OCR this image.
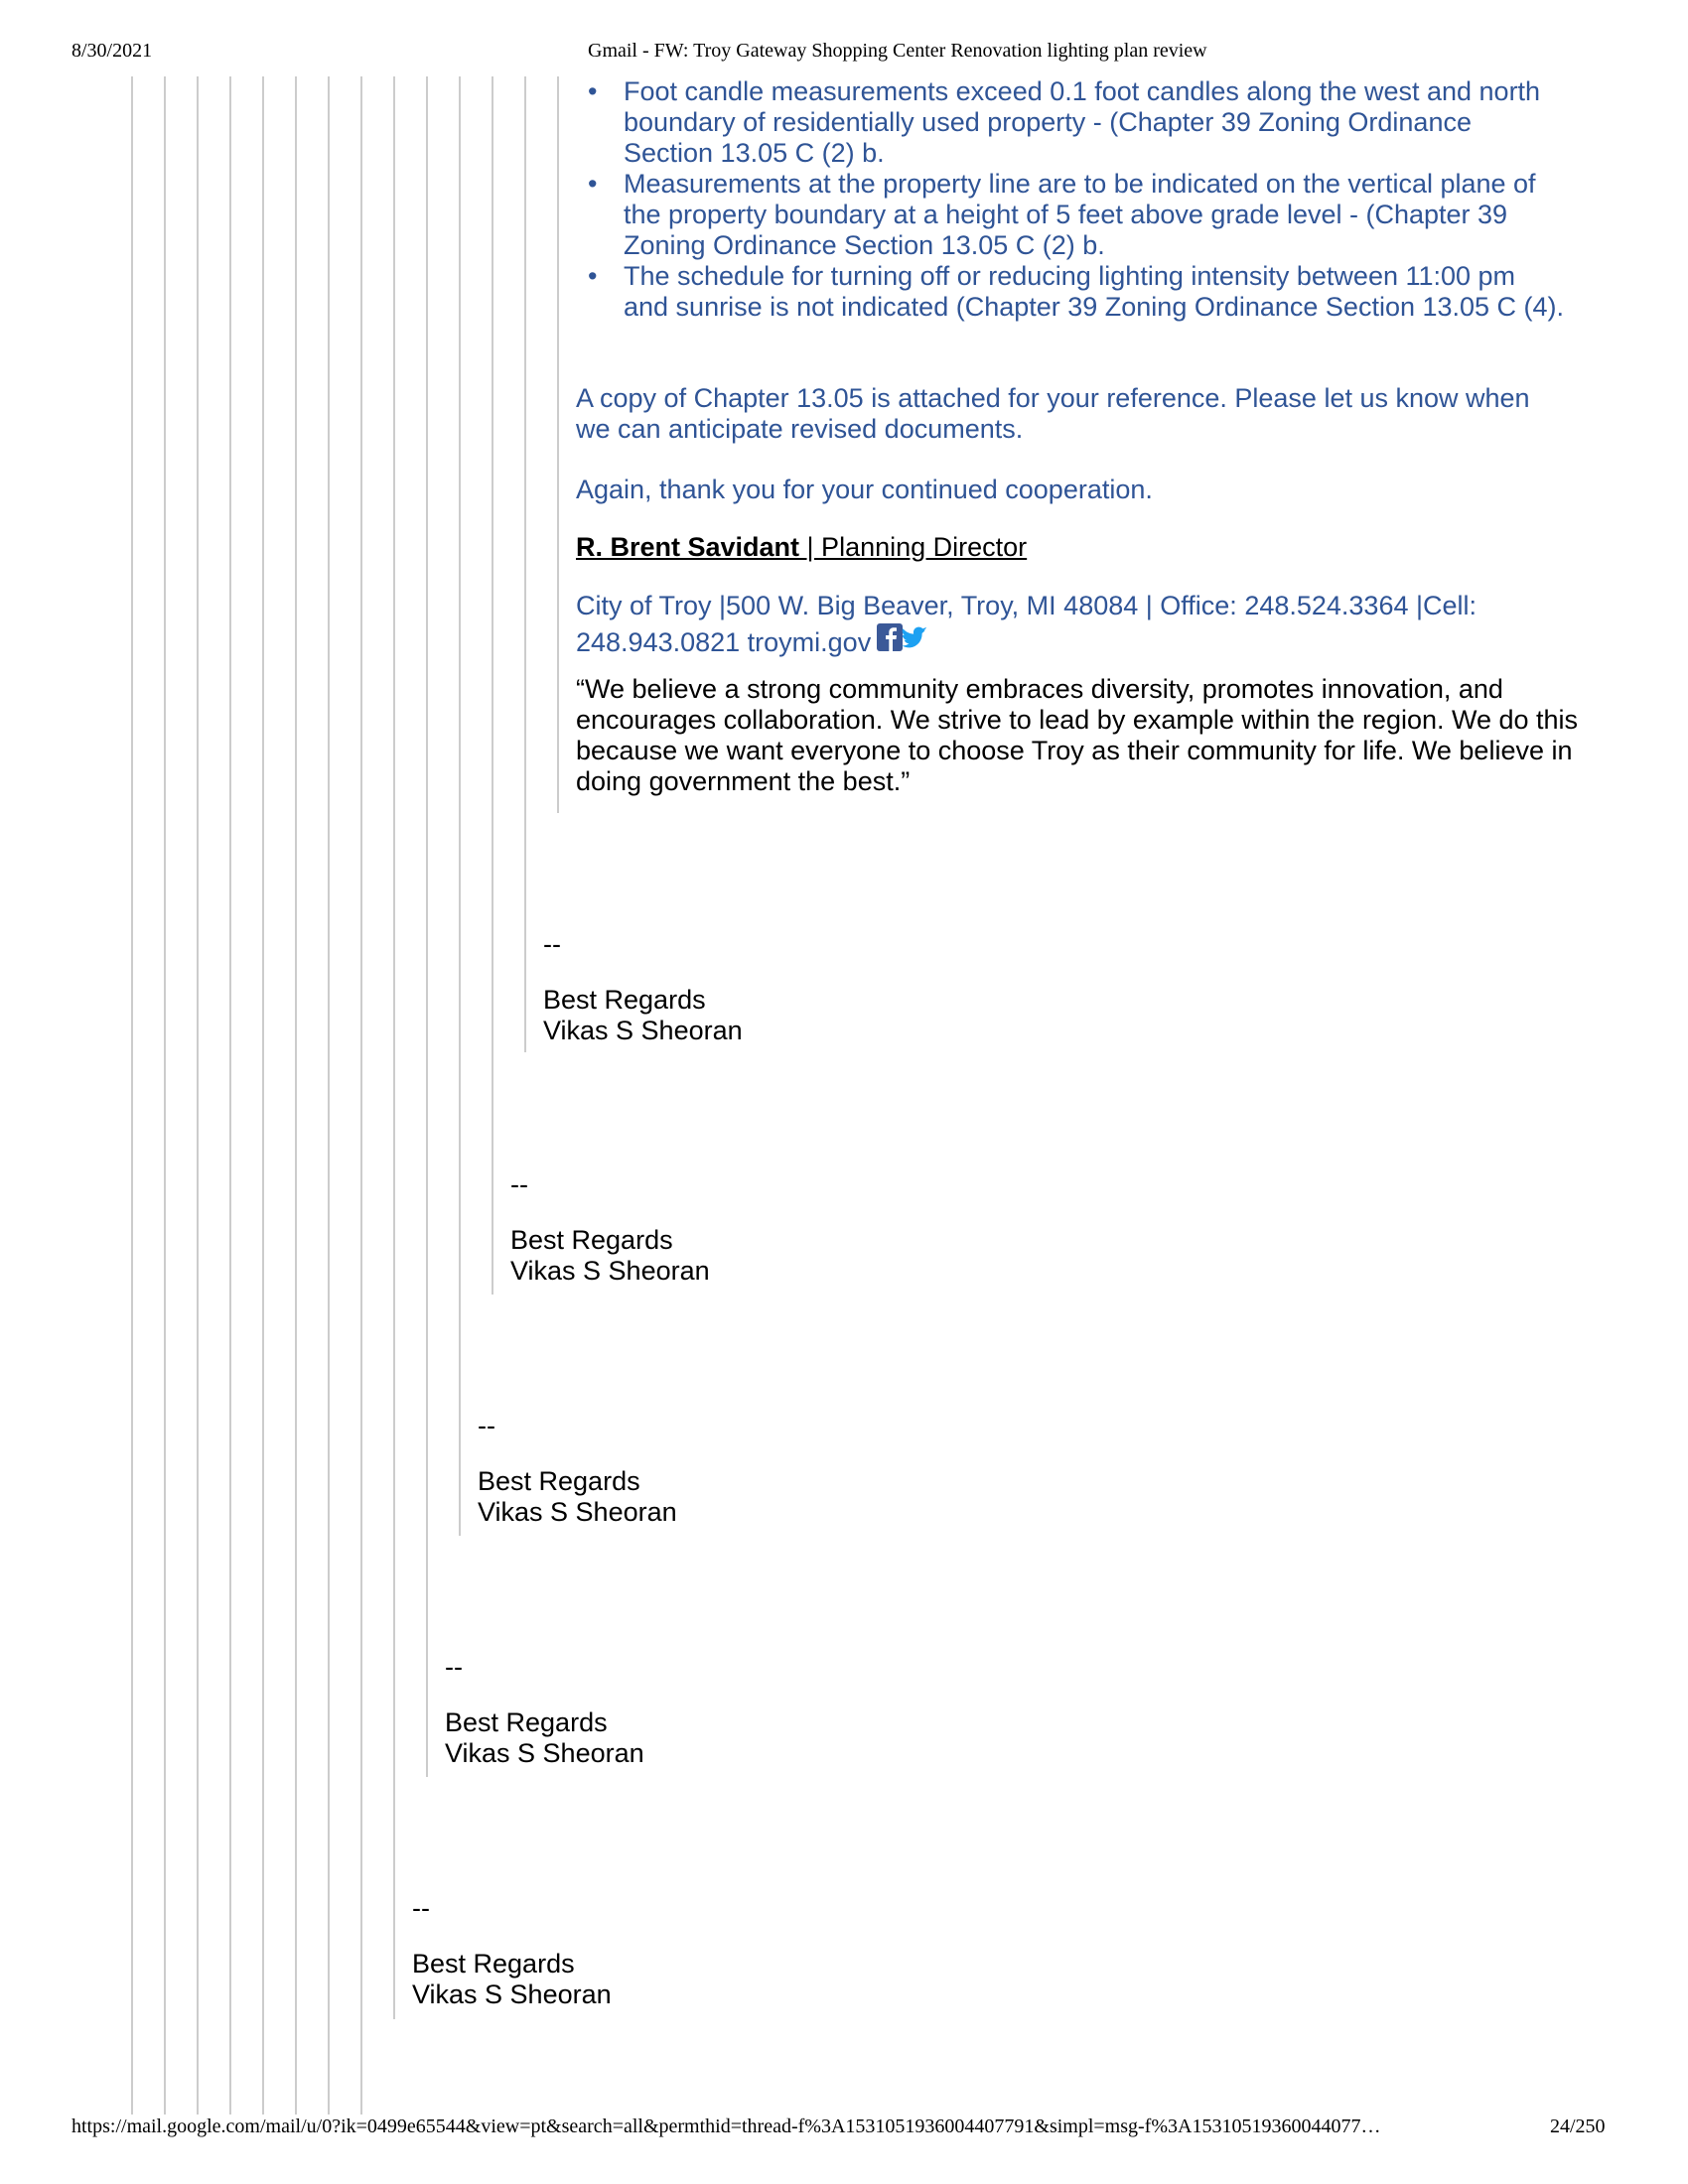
8/30/2021	Gmail - FW: Troy Gateway Shopping Center Renovation lighting plan review
• Foot candle measurements exceed 0.1 foot candles along the west and north boundary of residentially used property - (Chapter 39 Zoning Ordinance Section 13.05 C (2) b.
• Measurements at the property line are to be indicated on the vertical plane of the property boundary at a height of 5 feet above grade level - (Chapter 39 Zoning Ordinance Section 13.05 C (2) b.
• The schedule for turning off or reducing lighting intensity between 11:00 pm and sunrise is not indicated (Chapter 39 Zoning Ordinance Section 13.05 C (4).

A copy of Chapter 13.05 is attached for your reference. Please let us know when we can anticipate revised documents.

Again, thank you for your continued cooperation.

R. Brent Savidant | Planning Director

City of Troy |500 W. Big Beaver, Troy, MI 48084 | Office: 248.524.3364 |Cell: 248.943.0821 troymi.gov

“We believe a strong community embraces diversity, promotes innovation, and encourages collaboration. We strive to lead by example within the region. We do this because we want everyone to choose Troy as their community for life. We believe in doing government the best.”

--
Best Regards
Vikas S Sheoran
--
Best Regards
Vikas S Sheoran
--
Best Regards
Vikas S Sheoran
--
Best Regards
Vikas S Sheoran
--
Best Regards
Vikas S Sheoran
https://mail.google.com/mail/u/0?ik=0499e65544&view=pt&search=all&permthid=thread-f%3A1531051936004407791&simpl=msg-f%3A15310519360044077…	24/250
